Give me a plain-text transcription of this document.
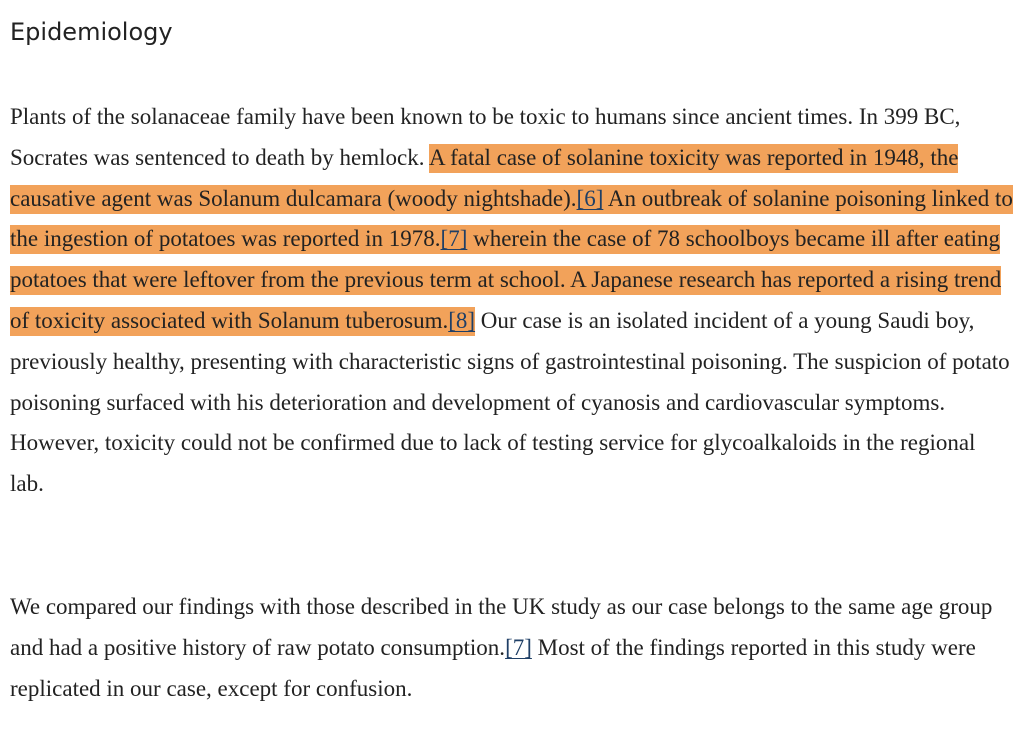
Epidemiology

Plants of the solanaceae family have been known to be toxic to humans since ancient times. In 399 BC, Socrates was sentenced to death by hemlock. A fatal case of solanine toxicity was reported in 1948, the causative agent was Solanum dulcamara (woody nightshade).[6] An outbreak of solanine poisoning linked to the ingestion of potatoes was reported in 1978.[7] wherein the case of 78 schoolboys became ill after eating potatoes that were leftover from the previous term at school. A Japanese research has reported a rising trend of toxicity associated with Solanum tuberosum.[8] Our case is an isolated incident of a young Saudi boy, previously healthy, presenting with characteristic signs of gastrointestinal poisoning. The suspicion of potato poisoning surfaced with his deterioration and development of cyanosis and cardiovascular symptoms. However, toxicity could not be confirmed due to lack of testing service for glycoalkaloids in the regional lab.

We compared our findings with those described in the UK study as our case belongs to the same age group and had a positive history of raw potato consumption.[7] Most of the findings reported in this study were replicated in our case, except for confusion.
